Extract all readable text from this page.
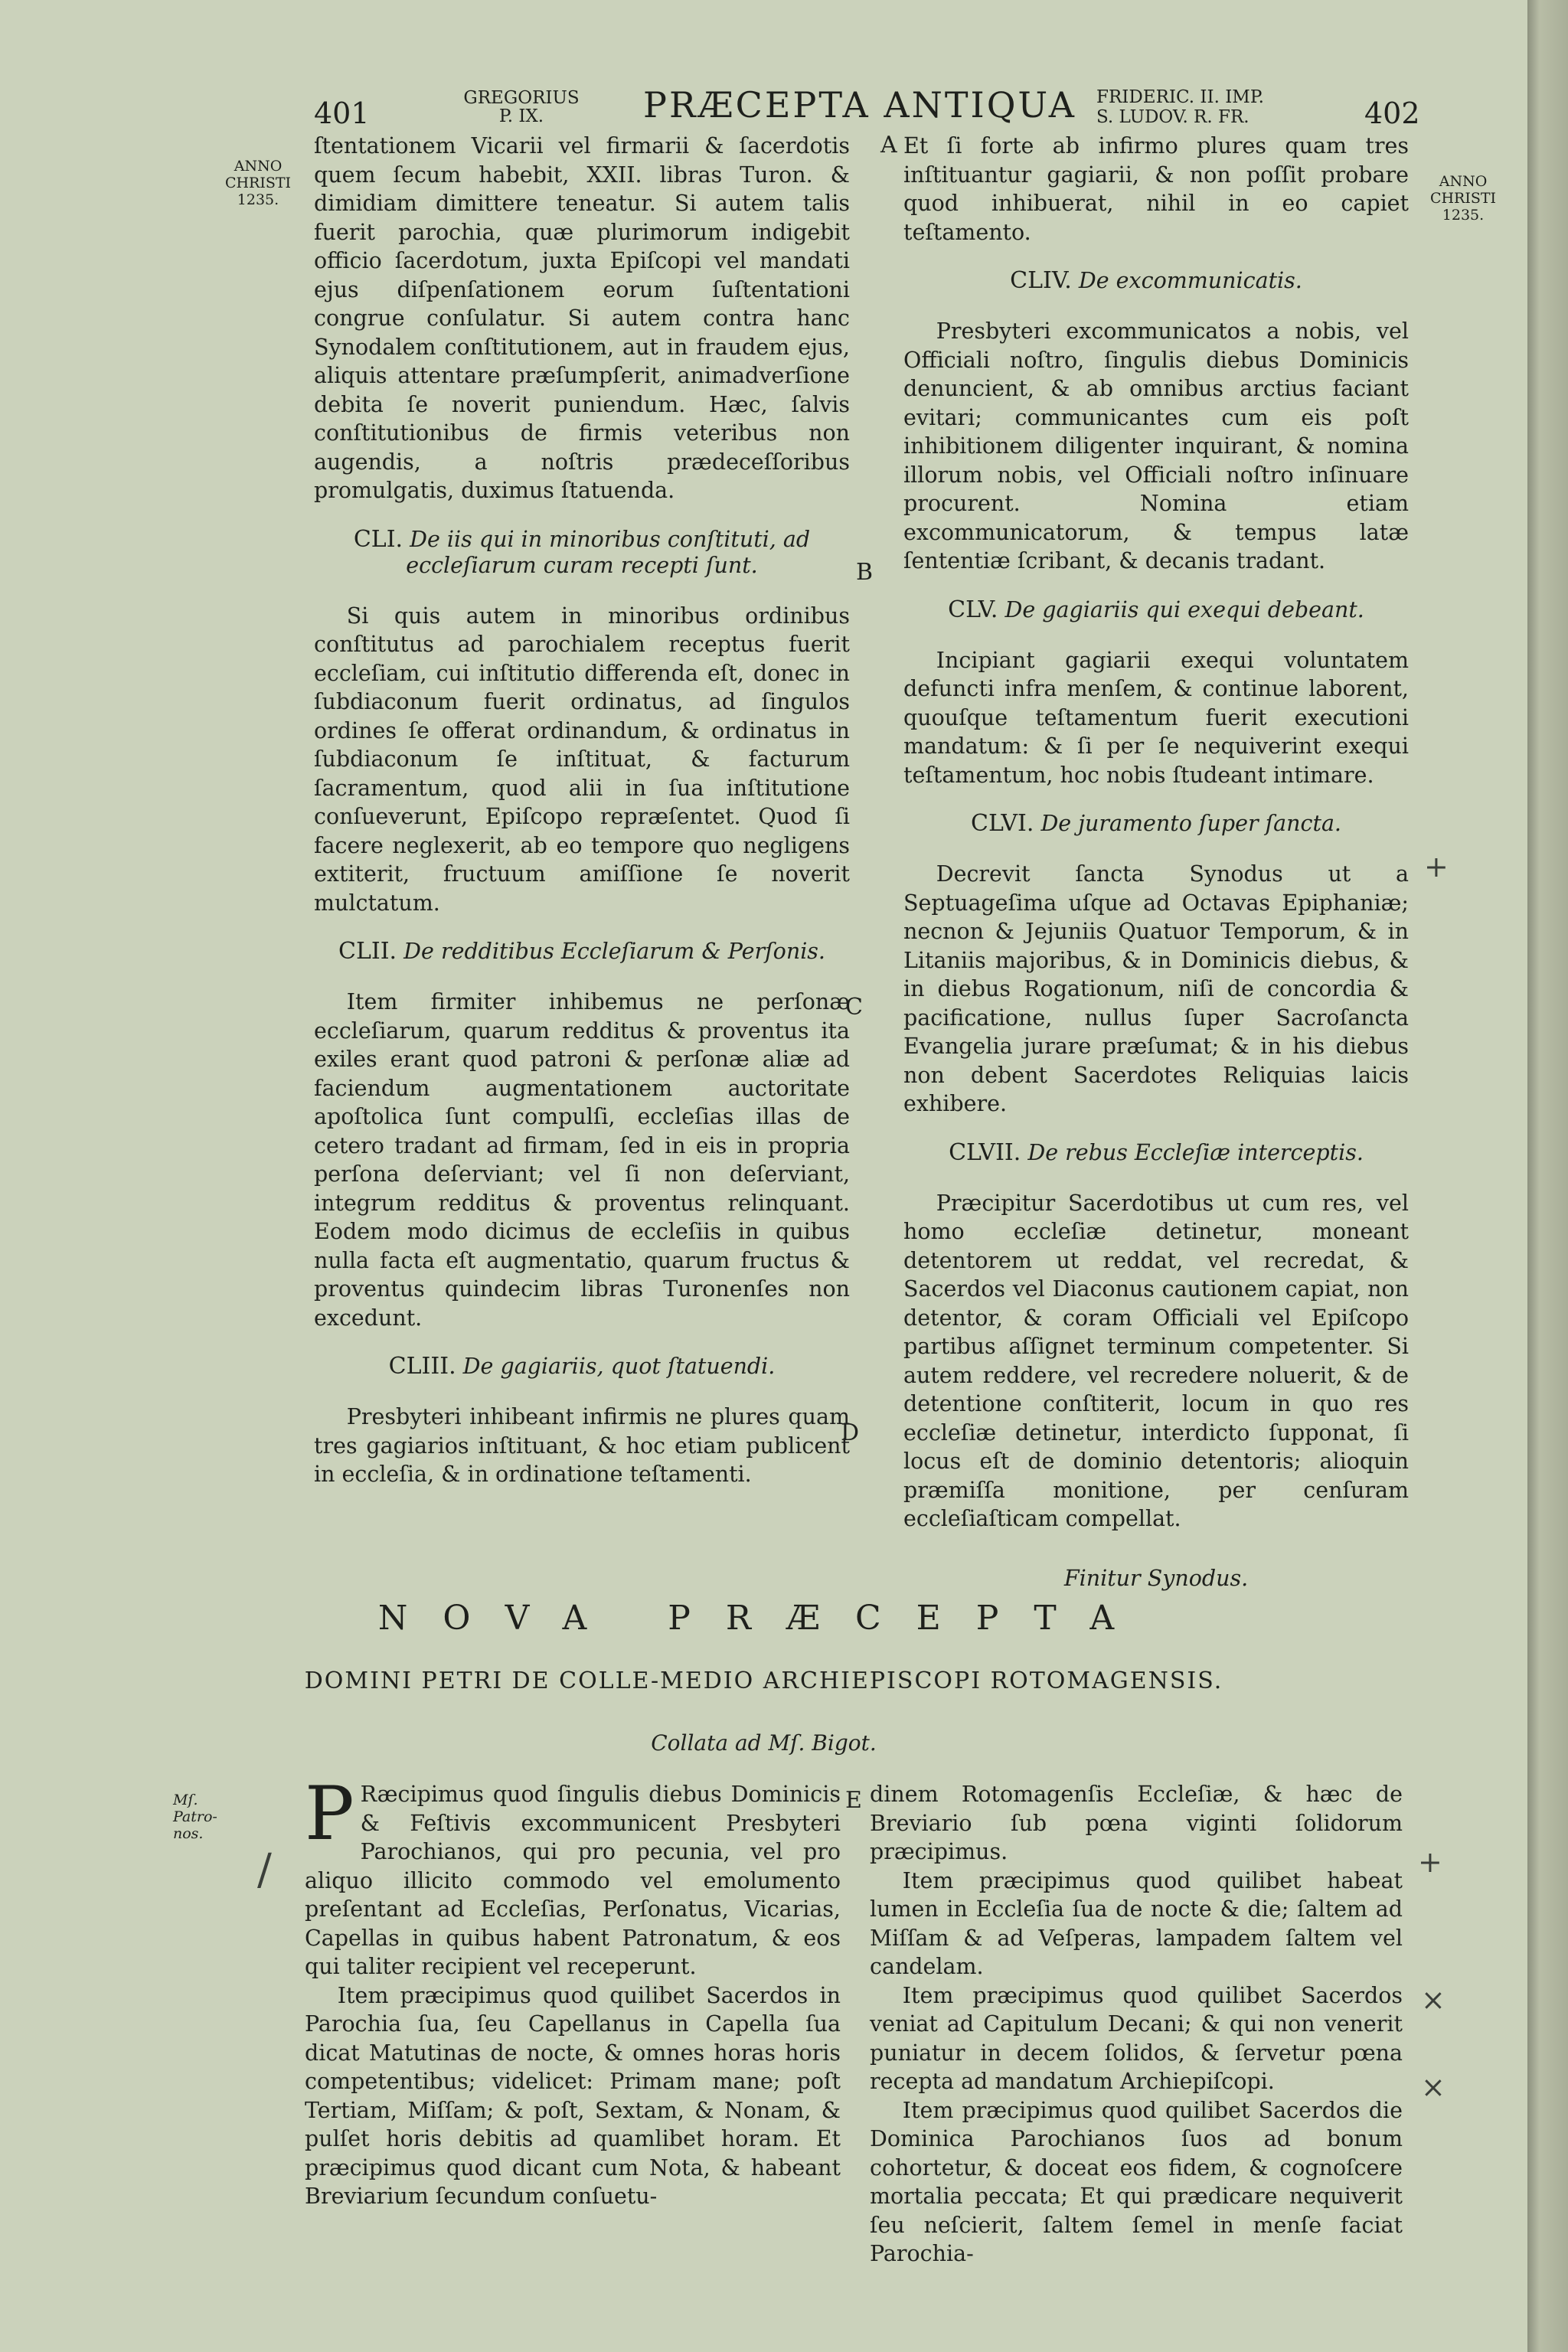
401	GREGORIUS
P. IX.	PRÆCEPTA ANTIQUA FRIDERIC. II. IMP.
S. LUDOV. R. FR.	402
ANNO
CHRISTI
1235.
ANNO
CHRISTI
1235.
Mſ. Patro-nos.
A
B
C
D
E
+
+
×
×
/

ſtentationem Vicarii vel firmarii & ſacerdotis quem ſecum habebit, XXII. libras Turon. & dimidiam dimittere teneatur. Si autem talis fuerit parochia, quæ plurimorum indigebit officio ſacerdotum, juxta Epiſcopi vel mandati ejus diſpenſationem eorum ſuſtentationi congrue conſulatur. Si autem contra hanc Synodalem conſtitutionem, aut in fraudem ejus, aliquis attentare præſumpſerit, animadverſione debita ſe noverit puniendum. Hæc, ſalvis conſtitutionibus de firmis veteribus non augendis, a noſtris prædeceſſoribus promulgatis, duximus ſtatuenda.

CLI. De iis qui in minoribus conſtituti, ad eccleſiarum curam recepti ſunt.

Si quis autem in minoribus ordinibus conſtitutus ad parochialem receptus fuerit eccleſiam, cui inſtitutio differenda eſt, donec in ſubdiaconum fuerit ordinatus, ad ſingulos ordines ſe offerat ordinandum, & ordinatus in ſubdiaconum ſe inſtituat, & facturum ſacramentum, quod alii in ſua inſtitutione conſueverunt, Epiſcopo repræſentet. Quod ſi facere neglexerit, ab eo tempore quo negligens extiterit, fructuum amiſſione ſe noverit mulctatum.

CLII. De redditibus Eccleſiarum & Perſonis.

Item firmiter inhibemus ne perſonæ eccleſiarum, quarum redditus & proventus ita exiles erant quod patroni & perſonæ aliæ ad faciendum augmentationem auctoritate apoſtolica ſunt compulſi, eccleſias illas de cetero tradant ad firmam, ſed in eis in propria perſona deſerviant; vel ſi non deſerviant, integrum redditus & proventus relinquant. Eodem modo dicimus de eccleſiis in quibus nulla facta eſt augmentatio, quarum fructus & proventus quindecim libras Turonenſes non excedunt.

CLIII. De gagiariis, quot ſtatuendi.

Presbyteri inhibeant infirmis ne plures quam tres gagiarios inſtituant, & hoc etiam publicent in eccleſia, & in ordinatione teſtamenti.

Et ſi forte ab infirmo plures quam tres inſtituantur gagiarii, & non poſſit probare quod inhibuerat, nihil in eo capiet teſtamento.

CLIV. De excommunicatis.

Presbyteri excommunicatos a nobis, vel Officiali noſtro, ſingulis diebus Dominicis denuncient, & ab omnibus arctius faciant evitari; communicantes cum eis poſt inhibitionem diligenter inquirant, & nomina illorum nobis, vel Officiali noſtro inſinuare procurent. Nomina etiam excommunicatorum, & tempus latæ ſententiæ ſcribant, & decanis tradant.

CLV. De gagiariis qui exequi debeant.

Incipiant gagiarii exequi voluntatem defuncti infra menſem, & continue laborent, quouſque teſtamentum fuerit executioni mandatum: & ſi per ſe nequiverint exequi teſtamentum, hoc nobis ſtudeant intimare.

CLVI. De juramento ſuper ſancta.

Decrevit ſancta Synodus ut a Septuageſima uſque ad Octavas Epiphaniæ; necnon & Jejuniis Quatuor Temporum, & in Litaniis majoribus, & in Dominicis diebus, & in diebus Rogationum, niſi de concordia & pacificatione, nullus ſuper Sacroſancta Evangelia jurare præſumat; & in his diebus non debent Sacerdotes Reliquias laicis exhibere.

CLVII. De rebus Eccleſiæ interceptis.

Præcipitur Sacerdotibus ut cum res, vel homo eccleſiæ detinetur, moneant detentorem ut reddat, vel recredat, & Sacerdos vel Diaconus cautionem capiat, non detentor, & coram Officiali vel Epiſcopo partibus aſſignet terminum competenter. Si autem reddere, vel recredere noluerit, & de detentione conſtiterit, locum in quo res eccleſiæ detinetur, interdicto ſupponat, ſi locus eſt de dominio detentoris; alioquin præmiſſa monitione, per cenſuram eccleſiaſticam compellat.

Finitur Synodus.
NOVA PRÆCEPTA
DOMINI PETRI DE COLLE-MEDIO ARCHIEPISCOPI ROTOMAGENSIS.
Collata ad Mſ. Bigot.

P Ræcipimus quod ſingulis diebus Dominicis & Feſtivis excommunicent Presbyteri Parochianos, qui pro pecunia, vel pro aliquo illicito commodo vel emolumento preſentant ad Eccleſias, Perſonatus, Vicarias, Capellas in quibus habent Patronatum, & eos qui taliter recipient vel receperunt.

Item præcipimus quod quilibet Sacerdos in Parochia ſua, ſeu Capellanus in Capella ſua dicat Matutinas de nocte, & omnes horas horis competentibus; videlicet: Primam mane; poſt Tertiam, Miſſam; & poſt, Sextam, & Nonam, & pulſet horis debitis ad quamlibet horam. Et præcipimus quod dicant cum Nota, & habeant Breviarium ſecundum conſuetu-

dinem Rotomagenſis Eccleſiæ, & hæc de Breviario ſub pœna viginti ſolidorum præcipimus.

Item præcipimus quod quilibet habeat lumen in Eccleſia ſua de nocte & die; ſaltem ad Miſſam & ad Veſperas, lampadem ſaltem vel candelam.

Item præcipimus quod quilibet Sacerdos veniat ad Capitulum Decani; & qui non venerit puniatur in decem ſolidos, & ſervetur pœna recepta ad mandatum Archiepiſcopi.

Item præcipimus quod quilibet Sacerdos die Dominica Parochianos ſuos ad bonum cohortetur, & doceat eos fidem, & cognoſcere mortalia peccata; Et qui prædicare nequiverit ſeu neſcierit, ſaltem ſemel in menſe faciat Parochia-
